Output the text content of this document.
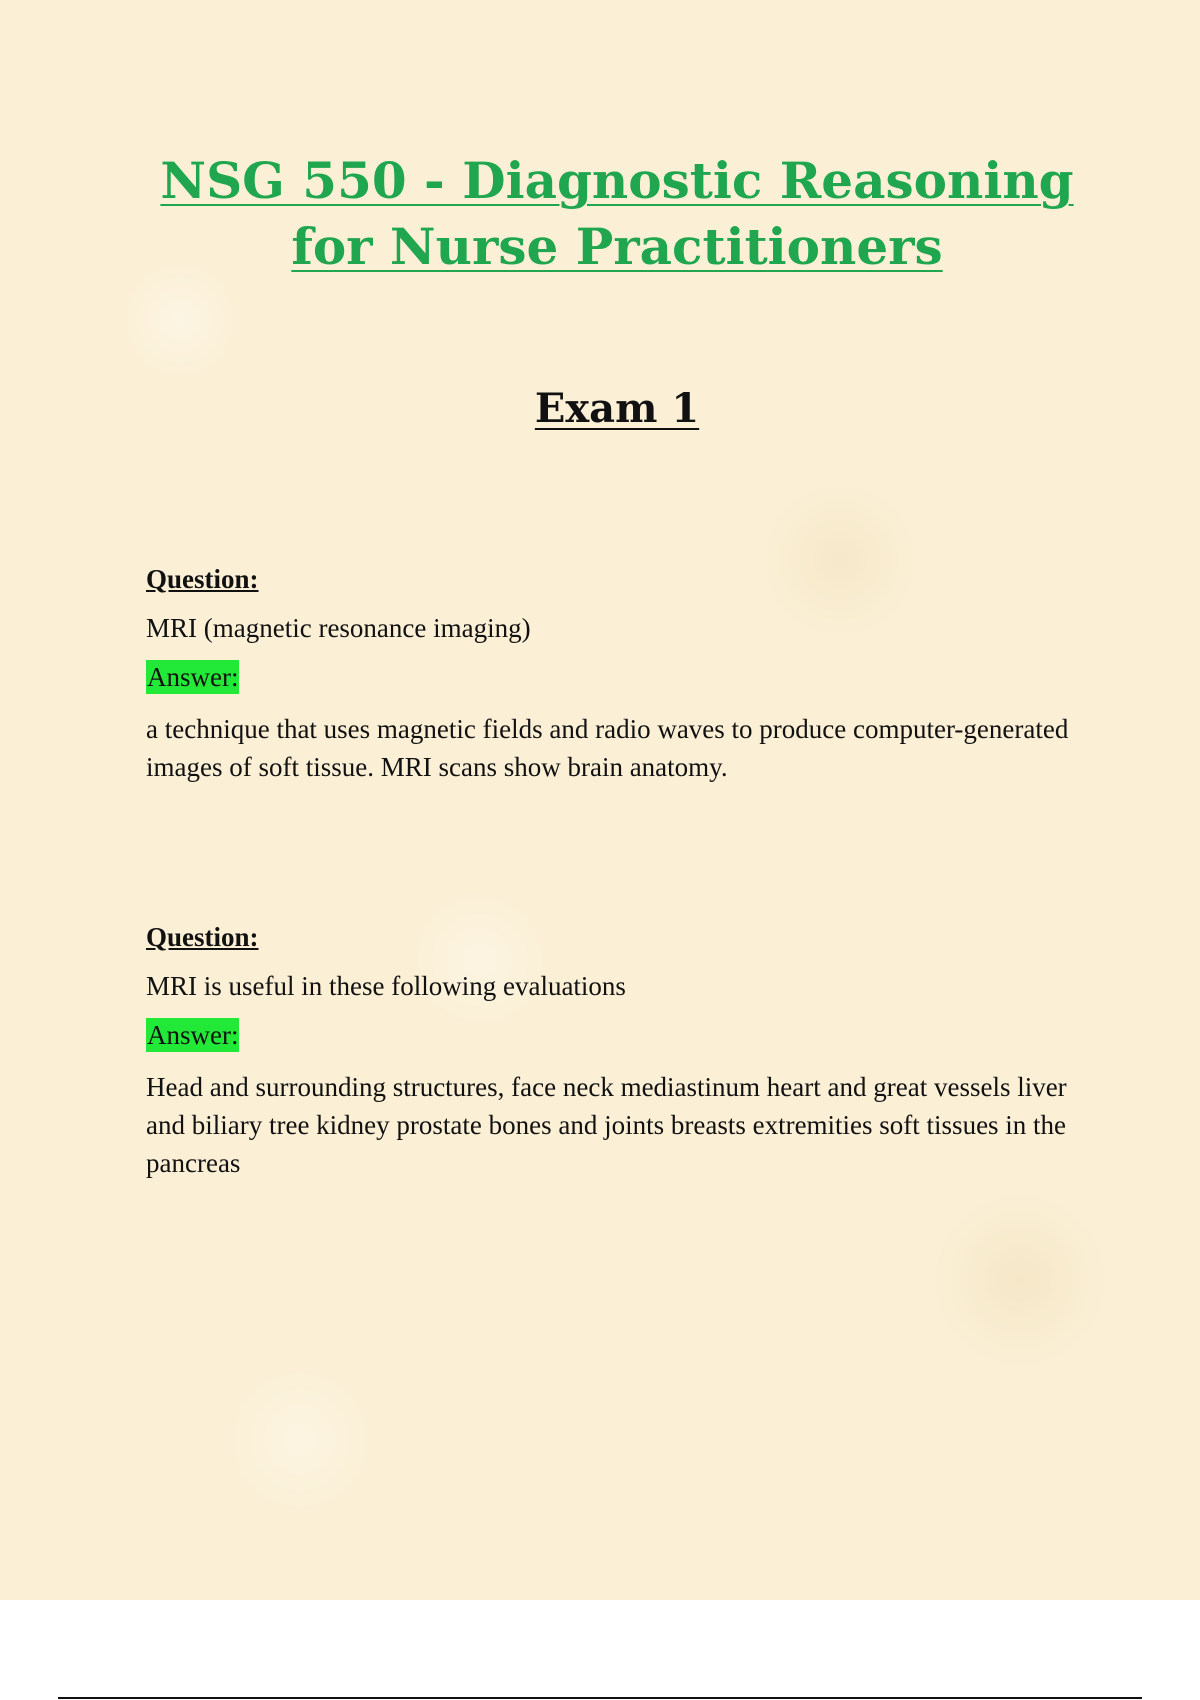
NSG 550 - Diagnostic Reasoning
for Nurse Practitioners
Exam 1

Question:

MRI (magnetic resonance imaging)

Answer:

a technique that uses magnetic fields and radio waves to produce computer-generated images of soft tissue. MRI scans show brain anatomy.

Question:

MRI is useful in these following evaluations

Answer:

Head and surrounding structures, face neck mediastinum heart and great vessels liver and biliary tree kidney prostate bones and joints breasts extremities soft tissues in the pancreas
